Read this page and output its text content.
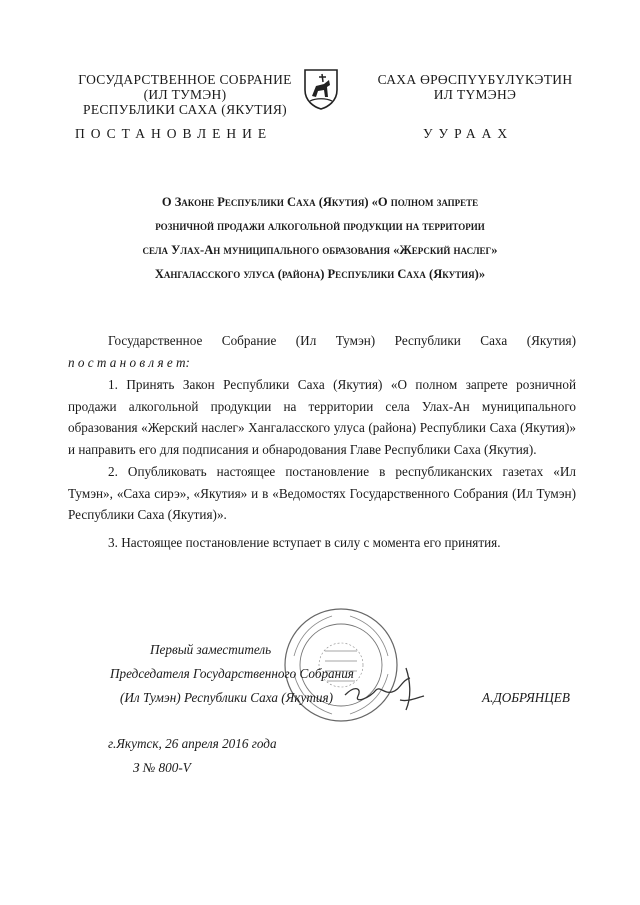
ГОСУДАРСТВЕННОЕ СОБРАНИЕ
(ИЛ ТУМЭН)
РЕСПУБЛИКИ САХА (ЯКУТИЯ)
САХА ӨРӨСПҮҮБҮЛҮКЭТИН
ИЛ ТҮМЭНЭ
ПОСТАНОВЛЕНИЕ	УУРААХ
О Законе Республики Саха (Якутия) «О полном запрете
розничной продажи алкогольной продукции на территории
села Улах-Ан муниципального образования «Жерский наслег»
Хангаласского улуса (района) Республики Саха (Якутия)»
Государственное Собрание (Ил Тумэн) Республики Саха (Якутия)
п о с т а н о в л я е т:
1. Принять Закон Республики Саха (Якутия) «О полном запрете розничной продажи алкогольной продукции на территории села Улах-Ан муниципального образования «Жерский наслег» Хангаласского улуса (района) Республики Саха (Якутия)» и направить его для подписания и обнародования Главе Республики Саха (Якутия).
2. Опубликовать настоящее постановление в республиканских газетах «Ил Тумэн», «Саха сирэ», «Якутия» и в «Ведомостях Государственного Собрания (Ил Тумэн) Республики Саха (Якутия)».
3. Настоящее постановление вступает в силу с момента его принятия.
Первый заместитель
Председателя Государственного Собрания
(Ил Тумэн) Республики Саха (Якутия)	А.ДОБРЯНЦЕВ
г.Якутск, 26 апреля 2016 года
З № 800-V
